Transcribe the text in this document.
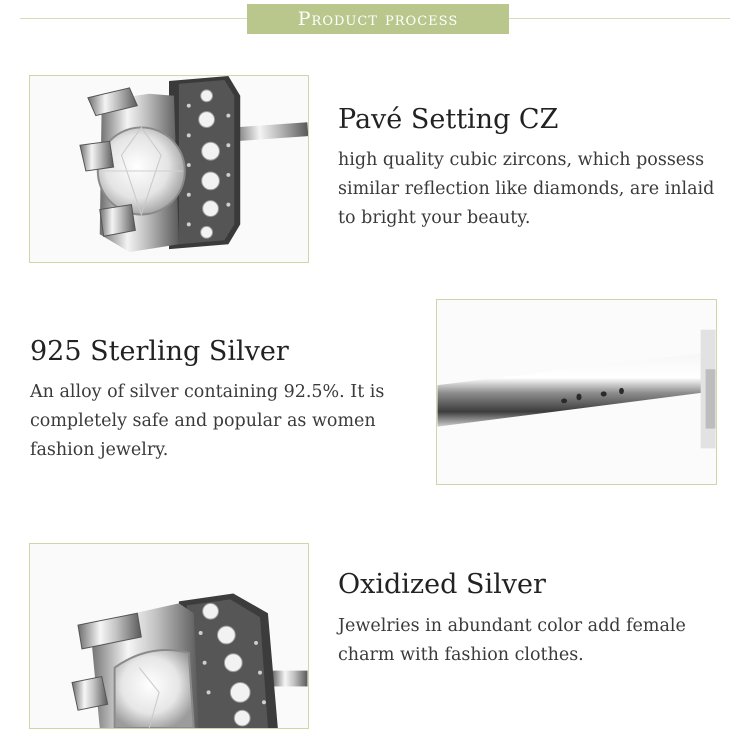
Product process
Pavé Setting CZ
high quality cubic zircons, which possess similar reflection like diamonds, are inlaid to bright your beauty.
925 Sterling Silver
An alloy of silver containing 92.5%. It is completely safe and popular as women fashion jewelry.
Oxidized Silver
Jewelries in abundant color add female charm with fashion clothes.
